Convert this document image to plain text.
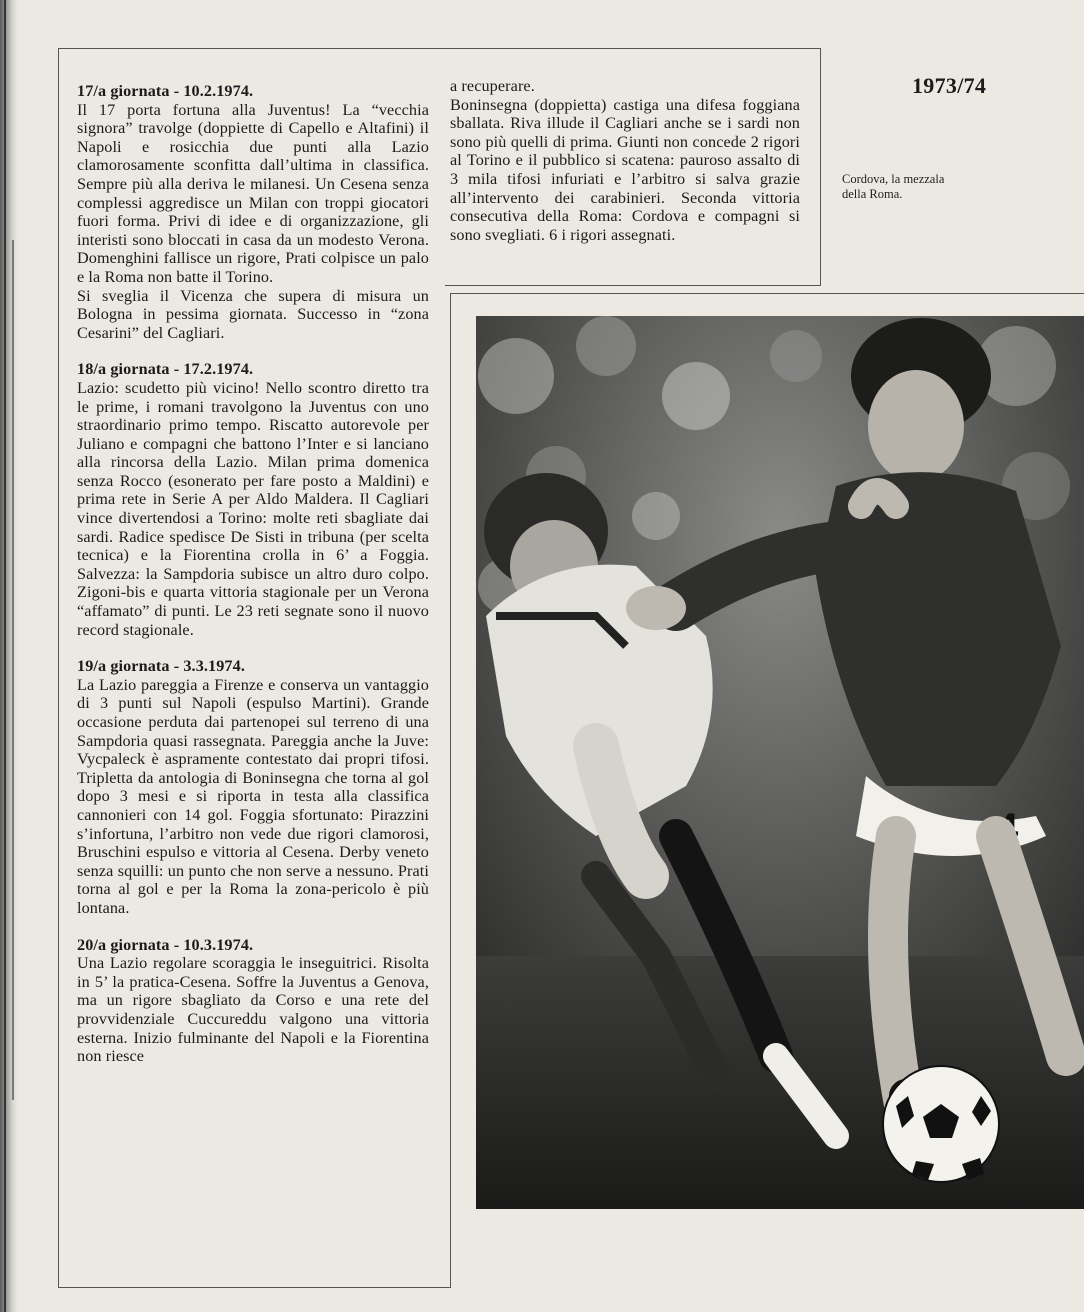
1973/74
Cordova, la mezzala
della Roma.
17/a giornata - 10.2.1974.
Il 17 porta fortuna alla Juventus! La “vecchia signora” travolge (doppiette di Capello e Altafini) il Napoli e rosicchia due punti alla Lazio clamorosamente sconfitta dall’ultima in classifica. Sempre più alla deriva le milanesi. Un Cesena senza complessi aggredisce un Milan con troppi giocatori fuori forma. Privi di idee e di organizzazione, gli interisti sono bloccati in casa da un modesto Verona. Domenghini fallisce un rigore, Prati colpisce un palo e la Roma non batte il Torino.
Si sveglia il Vicenza che supera di misura un Bologna in pessima giornata. Successo in “zona Cesarini” del Cagliari.
18/a giornata - 17.2.1974.
Lazio: scudetto più vicino! Nello scontro diretto tra le prime, i romani travolgono la Juventus con uno straordinario primo tempo. Riscatto autorevole per Juliano e compagni che battono l’Inter e si lanciano alla rincorsa della Lazio. Milan prima domenica senza Rocco (esonerato per fare posto a Maldini) e prima rete in Serie A per Aldo Maldera. Il Cagliari vince divertendosi a Torino: molte reti sbagliate dai sardi. Radice spedisce De Sisti in tribuna (per scelta tecnica) e la Fiorentina crolla in 6’ a Foggia. Salvezza: la Sampdoria subisce un altro duro colpo. Zigoni-bis e quarta vittoria stagionale per un Verona “affamato” di punti. Le 23 reti segnate sono il nuovo record stagionale.
19/a giornata - 3.3.1974.
La Lazio pareggia a Firenze e conserva un vantaggio di 3 punti sul Napoli (espulso Martini). Grande occasione perduta dai partenopei sul terreno di una Sampdoria quasi rassegnata. Pareggia anche la Juve: Vycpaleck è aspramente contestato dai propri tifosi. Tripletta da antologia di Boninsegna che torna al gol dopo 3 mesi e si riporta in testa alla classifica cannonieri con 14 gol. Foggia sfortunato: Pirazzini s’infortuna, l’arbitro non vede due rigori clamorosi, Bruschini espulso e vittoria al Cesena. Derby veneto senza squilli: un punto che non serve a nessuno. Prati torna al gol e per la Roma la zona-pericolo è più lontana.
20/a giornata - 10.3.1974.
Una Lazio regolare scoraggia le inseguitrici. Risolta in 5’ la pratica-Cesena. Soffre la Juventus a Genova, ma un rigore sbagliato da Corso e una rete del provvidenziale Cuccureddu valgono una vittoria esterna. Inizio fulminante del Napoli e la Fiorentina non riesce
a recuperare.
Boninsegna (doppietta) castiga una difesa foggiana sballata. Riva illude il Cagliari anche se i sardi non sono più quelli di prima. Giunti non concede 2 rigori al Torino e il pubblico si scatena: pauroso assalto di 3 mila tifosi infuriati e l’arbitro si salva grazie all’intervento dei carabinieri. Seconda vittoria consecutiva della Roma: Cordova e compagni si sono svegliati. 6 i rigori assegnati.
4
